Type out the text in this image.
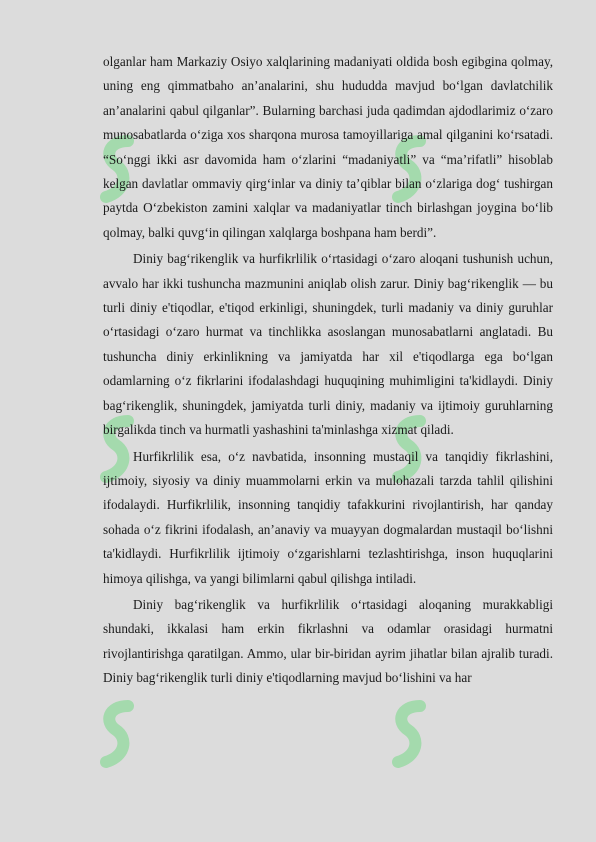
olganlar ham Markaziy Osiyo xalqlarining madaniyati oldida bosh egibgina qolmay, uning eng qimmatbaho an’analarini, shu hududda mavjud boʻlgan davlatchilik an’analarini qabul qilganlar”. Bularning barchasi juda qadimdan ajdodlarimiz oʻzaro munosabatlarda oʻziga xos sharqona murosa tamoyillariga amal qilganini koʻrsatadi. “Soʻnggi ikki asr davomida ham oʻzlarini “madaniyatli” va “ma’rifatli” hisoblab kelgan davlatlar ommaviy qirgʻinlar va diniy ta’qiblar bilan oʻzlariga dogʻ tushirgan paytda Oʻzbekiston zamini xalqlar va madaniyatlar tinch birlashgan joygina boʻlib qolmay, balki quvgʻin qilingan xalqlarga boshpana ham berdi”.

Diniy bagʻrikenglik va hurfikrlilik oʻrtasidagi oʻzaro aloqani tushunish uchun, avvalo har ikki tushuncha mazmunini aniqlab olish zarur. Diniy bagʻrikenglik — bu turli diniy e'tiqodlar, e'tiqod erkinligi, shuningdek, turli madaniy va diniy guruhlar oʻrtasidagi oʻzaro hurmat va tinchlikka asoslangan munosabatlarni anglatadi. Bu tushuncha diniy erkinlikning va jamiyatda har xil e'tiqodlarga ega boʻlgan odamlarning oʻz fikrlarini ifodalashdagi huquqining muhimligini ta'kidlaydi. Diniy bagʻrikenglik, shuningdek, jamiyatda turli diniy, madaniy va ijtimoiy guruhlarning birgalikda tinch va hurmatli yashashini ta'minlashga xizmat qiladi.

Hurfikrlilik esa, oʻz navbatida, insonning mustaqil va tanqidiy fikrlashini, ijtimoiy, siyosiy va diniy muammolarni erkin va mulohazali tarzda tahlil qilishini ifodalaydi. Hurfikrlilik, insonning tanqidiy tafakkurini rivojlantirish, har qanday sohada oʻz fikrini ifodalash, an’anaviy va muayyan dogmalardan mustaqil boʻlishni ta'kidlaydi. Hurfikrlilik ijtimoiy oʻzgarishlarni tezlashtirishga, inson huquqlarini himoya qilishga, va yangi bilimlarni qabul qilishga intiladi.

Diniy bagʻrikenglik va hurfikrlilik oʻrtasidagi aloqaning murakkabligi shundaki, ikkalasi ham erkin fikrlashni va odamlar orasidagi hurmatni rivojlantirishga qaratilgan. Ammo, ular bir-biridan ayrim jihatlar bilan ajralib turadi. Diniy bagʻrikenglik turli diniy e'tiqodlarning mavjud boʻlishini va har
